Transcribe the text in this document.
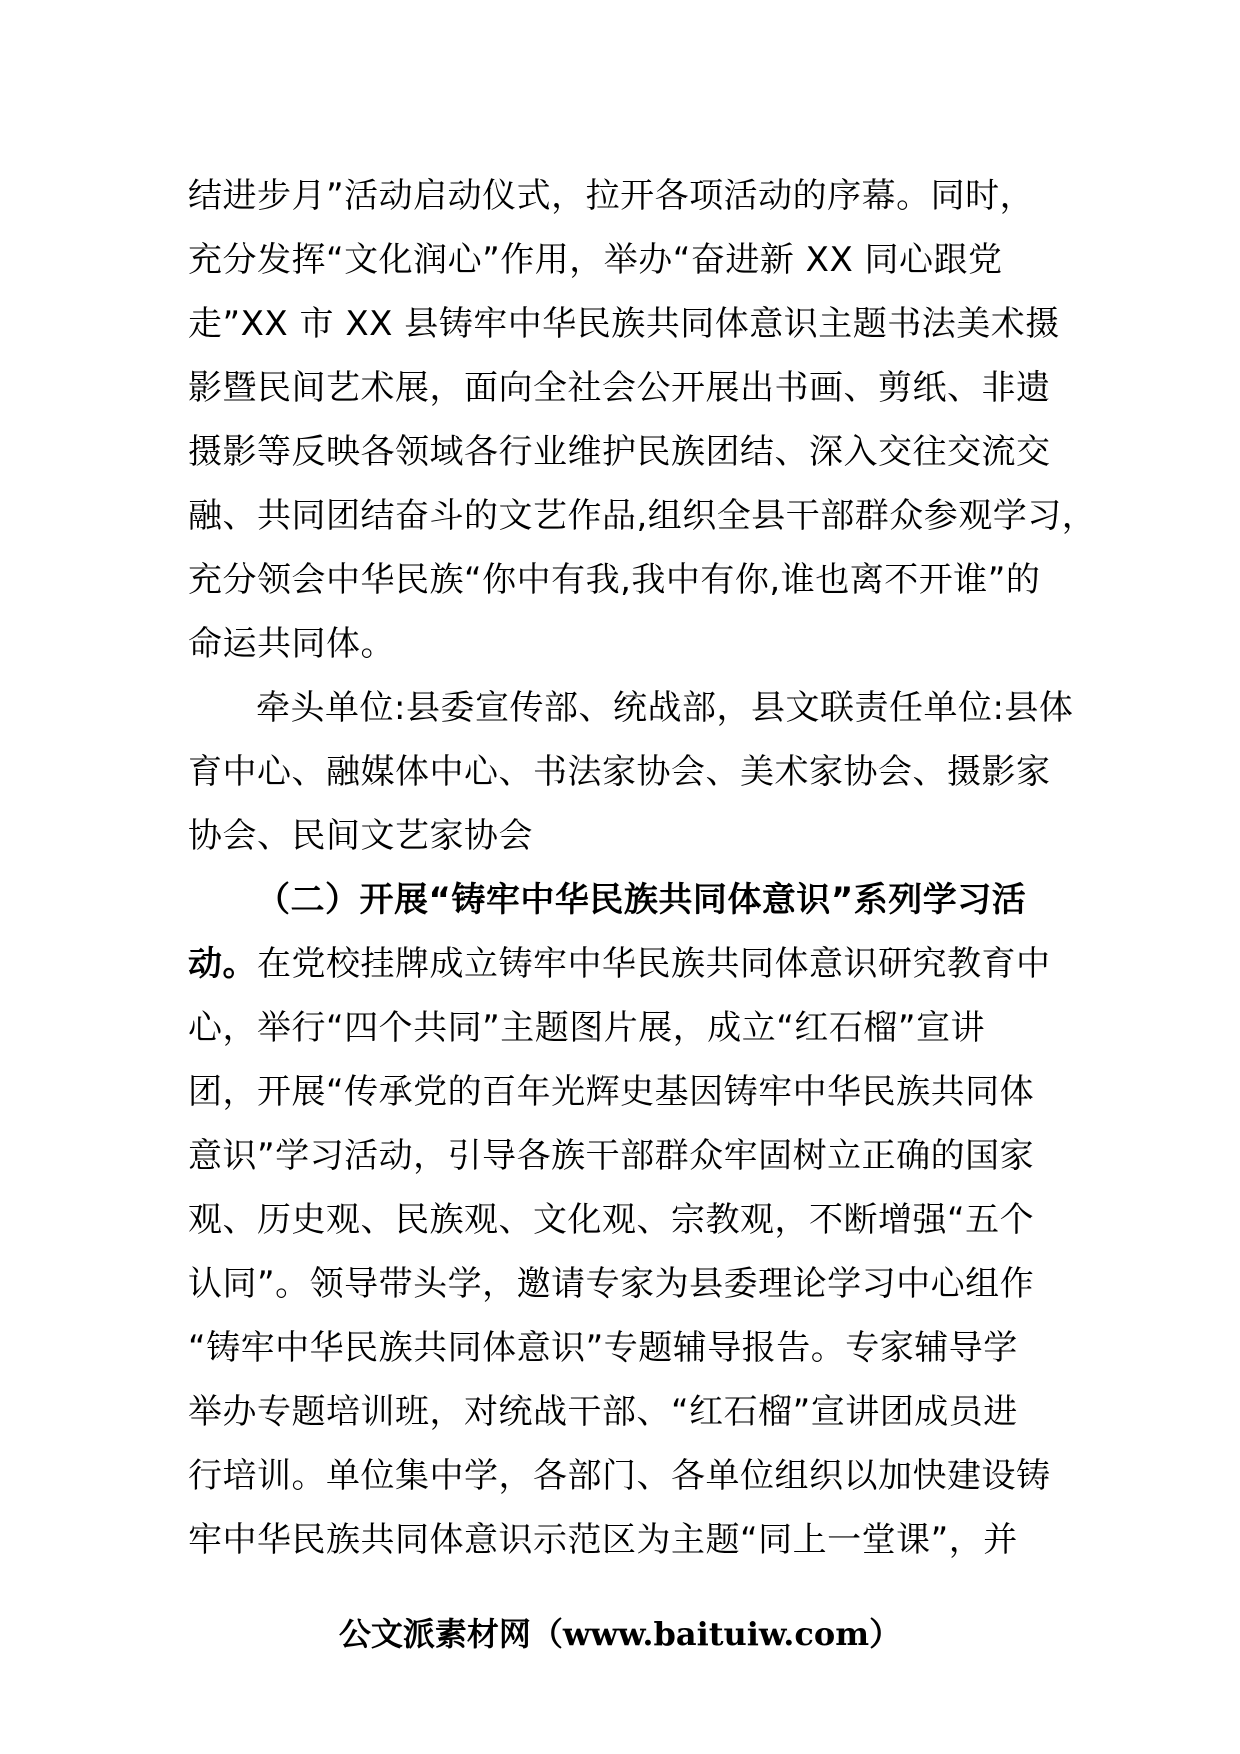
结进步月”活动启动仪式，拉开各项活动的序幕。同时，
充分发挥“文化润心”作用，举办“奋进新 XX 同心跟党
走”XX 市 XX 县铸牢中华民族共同体意识主题书法美术摄
影暨民间艺术展，面向全社会公开展出书画、剪纸、非遗
摄影等反映各领域各行业维护民族团结、深入交往交流交
融、共同团结奋斗的文艺作品,组织全县干部群众参观学习，
充分领会中华民族“你中有我,我中有你,谁也离不开谁”的
命运共同体。
牵头单位:县委宣传部、统战部，县文联责任单位:县体
育中心、融媒体中心、书法家协会、美术家协会、摄影家
协会、民间文艺家协会
（二）开展“铸牢中华民族共同体意识”系列学习活
动。在党校挂牌成立铸牢中华民族共同体意识研究教育中
心，举行“四个共同”主题图片展，成立“红石榴”宣讲
团，开展“传承党的百年光辉史基因铸牢中华民族共同体
意识”学习活动，引导各族干部群众牢固树立正确的国家
观、历史观、民族观、文化观、宗教观，不断增强“五个
认同”。领导带头学，邀请专家为县委理论学习中心组作
“铸牢中华民族共同体意识”专题辅导报告。专家辅导学
举办专题培训班，对统战干部、“红石榴”宣讲团成员进
行培训。单位集中学，各部门、各单位组织以加快建设铸
牢中华民族共同体意识示范区为主题“同上一堂课”，并
公文派素材网（www.baituiw.com）
